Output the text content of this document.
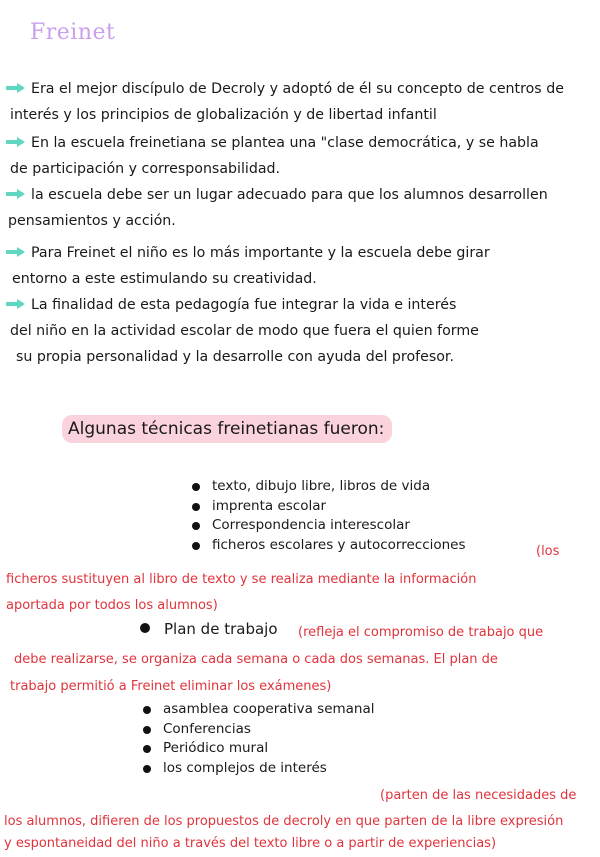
Freinet
Era el mejor discípulo de Decroly y adoptó de él su concepto de centros de

interés y los principios de globalización y de libertad infantil
En la escuela freinetiana se plantea una "clase democrática, y se habla

de participación y corresponsabilidad.
la escuela debe ser un lugar adecuado para que los alumnos desarrollen

pensamientos y acción.
Para Freinet el niño es lo más importante y la escuela debe girar

entorno a este estimulando su creatividad.
La finalidad de esta pedagogía fue integrar la vida e interés

del niño en la actividad escolar de modo que fuera el quien forme
su propia personalidad y la desarrolle con ayuda del profesor.
Algunas técnicas freinetianas fueron:
texto, dibujo libre, libros de vida
imprenta escolar
Correspondencia interescolar
ficheros escolares y autocorrecciones	(los
ficheros sustituyen al libro de texto y se realiza mediante la información
aportada por todos los alumnos)
Plan de trabajo (refleja el compromiso de trabajo que
debe realizarse, se organiza cada semana o cada dos semanas. El plan de
trabajo permitió a Freinet eliminar los exámenes)
asamblea cooperativa semanal
Conferencias
Periódico mural
los complejos de interés
(parten de las necesidades de
los alumnos, difieren de los propuestos de decroly en que parten de la libre expresión
y espontaneidad del niño a través del texto libre o a partir de experiencias)
